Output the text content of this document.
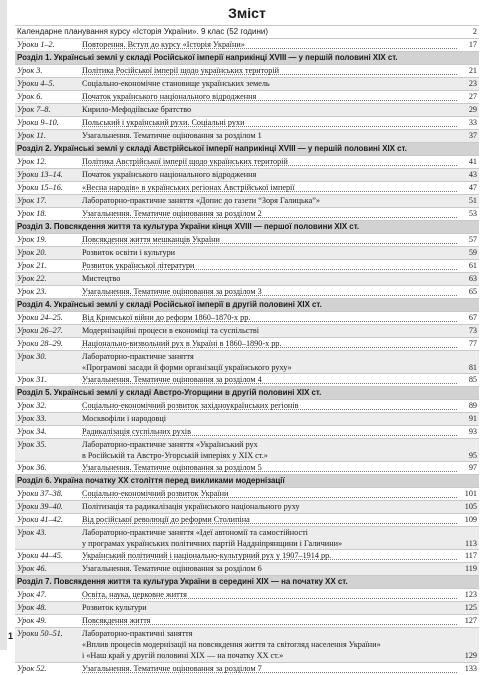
Зміст
Календарне планування курсу «Історія України». 9 клас (52 години)	2
Уроки 1–2.	Повторення. Вступ до курсу «Історія України»	17
Розділ 1. Українські землі у складі Російської імперії наприкінці XVIII — у першій половині XIX ст.
Урок 3.	Політика Російської імперії щодо українських територій	21
Уроки 4–5.	Соціально-економічне становище українських земель	23
Урок 6.	Початок українського національного відродження	27
Урок 7–8.	Кирило-Мефодіївське братство	29
Уроки 9–10.	Польський і український рухи. Соціальні рухи	33
Урок 11.	Узагальнення. Тематичне оцінювання за розділом 1	37
Розділ 2. Українські землі у складі Австрійської імперії наприкінці XVIII — у першій половині XIX ст.
Урок 12.	Політика Австрійської імперії щодо українських територій	41
Уроки 13–14. Початок українського національного відродження	43
Уроки 15–16. «Весна народів» в українських регіонах Австрійської імперії	47
Урок 17.	Лабораторно-практичне заняття «Допис до газети “Зоря Галицька”»	51
Урок 18.	Узагальнення. Тематичне оцінювання за розділом 2	53
Розділ 3. Повсякдення життя та культура України кінця XVIII — першої половини XIX ст.
Урок 19.	Повсякдення життя мешканців України	57
Урок 20.	Розвиток освіти і культури	59
Урок 21.	Розвиток української літератури	61
Урок 22.	Мистецтво	63
Урок 23.	Узагальнення. Тематичне оцінювання за розділом 3	65
Розділ 4. Українські землі у складі Російської імперії в другій половині XIX ст.
Уроки 24–25. Від Кримської війни до реформ 1860–1870-х рр.	67
Уроки 26–27. Модернізаційні процеси в економіці та суспільстві	73
Уроки 28–29. Національно-визвольний рух в Україні в 1860–1890-х рр.	77
Урок 30.	Лабораторно-практичне заняття
«Програмові засади й форми організації українського руху»	81
Урок 31.	Узагальнення. Тематичне оцінювання за розділом 4	85
Розділ 5. Українські землі у складі Австро-Угорщини в другій половині XIX ст.
Урок 32.	Соціально-економічний розвиток західноукраїнських регіонів	89
Урок 33.	Москвофіли і народовці	91
Урок 34.	Радикалізація суспільних рухів	93
Урок 35.	Лабораторно-практичне заняття «Український рух
в Російській та Австро-Угорській імперіях у XIX ст.»	95
Урок 36.	Узагальнення. Тематичне оцінювання за розділом 5	97
Розділ 6. Україна початку XX століття перед викликами модернізації
Уроки 37–38. Соціально-економічний розвиток України	101
Уроки 39–40. Політизація та радикалізація українського національного руху	105
Уроки 41–42. Від російської революції до реформи Столипіна	109
Урок 43.	Лабораторно-практичне заняття «Ідеї автономії та самостійності
у програмах українських політичних партій Наддніпрянщини і Галичини»	113
Уроки 44–45. Український політичний і національно-культурний рух у 1907–1914 рр.	117
Урок 46.	Узагальнення. Тематичне оцінювання за розділом 6	119
Розділ 7. Повсякдення життя та культура України в середині XIX — на початку XX ст.
Урок 47.	Освіта, наука, церковне життя	123
Урок 48.	Розвиток культури	125
Урок 49.	Повсякдення життя	127
Уроки 50–51. Лабораторно-практичні заняття
«Вплив процесів модернізації на повсякдення життя та світогляд населення України»
і «Наш край у другій половині XIX — на початку XX ст.»	129
Урок 52.	Узагальнення. Тематичне оцінювання за розділом 7	133
1
